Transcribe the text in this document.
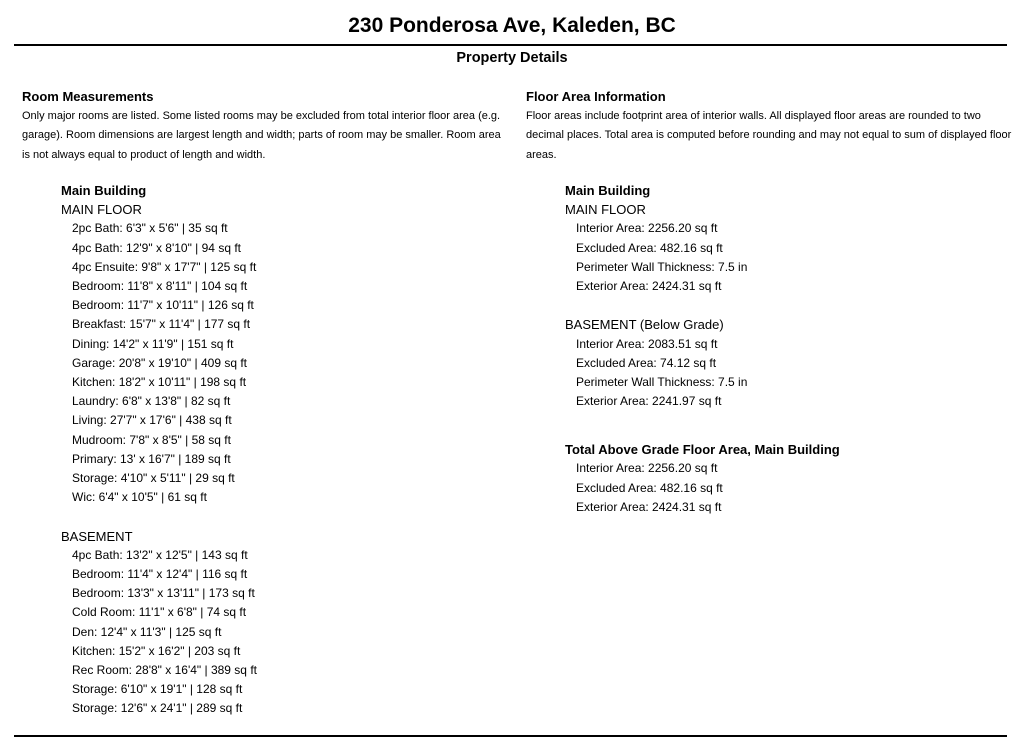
230 Ponderosa Ave, Kaleden, BC
Property Details
Room Measurements
Only major rooms are listed. Some listed rooms may be excluded from total interior floor area (e.g. garage). Room dimensions are largest length and width; parts of room may be smaller. Room area is not always equal to product of length and width.
Main Building
MAIN FLOOR
2pc Bath: 6'3" x 5'6" | 35 sq ft
4pc Bath: 12'9" x 8'10" | 94 sq ft
4pc Ensuite: 9'8" x 17'7" | 125 sq ft
Bedroom: 11'8" x 8'11" | 104 sq ft
Bedroom: 11'7" x 10'11" | 126 sq ft
Breakfast: 15'7" x 11'4" | 177 sq ft
Dining: 14'2" x 11'9" | 151 sq ft
Garage: 20'8" x 19'10" | 409 sq ft
Kitchen: 18'2" x 10'11" | 198 sq ft
Laundry: 6'8" x 13'8" | 82 sq ft
Living: 27'7" x 17'6" | 438 sq ft
Mudroom: 7'8" x 8'5" | 58 sq ft
Primary: 13' x 16'7" | 189 sq ft
Storage: 4'10" x 5'11" | 29 sq ft
Wic: 6'4" x 10'5" | 61 sq ft
BASEMENT
4pc Bath: 13'2" x 12'5" | 143 sq ft
Bedroom: 11'4" x 12'4" | 116 sq ft
Bedroom: 13'3" x 13'11" | 173 sq ft
Cold Room: 11'1" x 6'8" | 74 sq ft
Den: 12'4" x 11'3" | 125 sq ft
Kitchen: 15'2" x 16'2" | 203 sq ft
Rec Room: 28'8" x 16'4" | 389 sq ft
Storage: 6'10" x 19'1" | 128 sq ft
Storage: 12'6" x 24'1" | 289 sq ft
Floor Area Information
Floor areas include footprint area of interior walls. All displayed floor areas are rounded to two decimal places. Total area is computed before rounding and may not equal to sum of displayed floor areas.
Main Building
MAIN FLOOR
Interior Area: 2256.20 sq ft
Excluded Area: 482.16 sq ft
Perimeter Wall Thickness: 7.5 in
Exterior Area: 2424.31 sq ft
BASEMENT (Below Grade)
Interior Area: 2083.51 sq ft
Excluded Area: 74.12 sq ft
Perimeter Wall Thickness: 7.5 in
Exterior Area: 2241.97 sq ft
Total Above Grade Floor Area, Main Building
Interior Area: 2256.20 sq ft
Excluded Area: 482.16 sq ft
Exterior Area: 2424.31 sq ft
